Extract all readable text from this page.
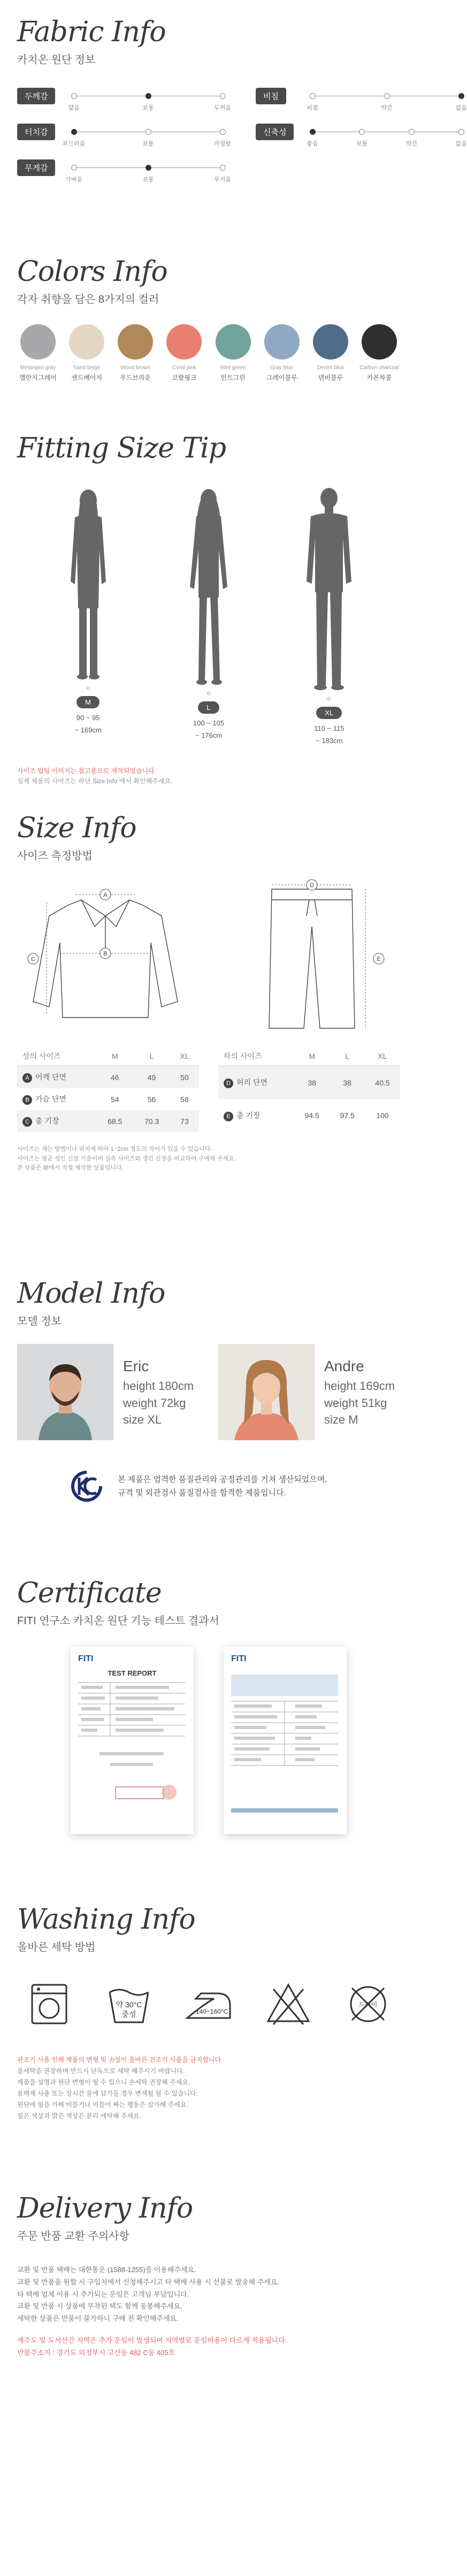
Fabric Info
카치온 원단 정보
두께감
얇음	보통	두꺼움
비침
비침	약간	없음
터치감
부드러움	보통	까칠함
신축성
좋음	보통	약간	없음
무게감
가벼움	보통	무거움
Colors Info
각자 취향을 담은 8가지의 컬러
Melangen gray
멜란지그레이
Sand beige
샌드베이지
Wood brown
우드브라운
Coral pink
코랄핑크
Mint green
민트그린
Gray blue
그레이블루
Denim blue
덴비블루
Carbon charcoal
카본차콜
Fitting Size Tip
M
90 ~ 95
~ 169cm
L
100 ~ 105
~ 176cm
XL
110 ~ 115
~ 183cm
사이즈 팁팅 이미지는 참고용으로 제작되었습니다.
실제 제품의 사이즈는 하단 Size Info 에서 확인해주세요.
Size Info
사이즈 측정방법
A
B
C
D
E
상의 사이즈	M	L	XL
A 어깨 단면	46	49	50
B 가슴 단면	54	56	58
C 총 기장	68.5	70.3	73
하의 사이즈	M	L	XL
D 허리 단면	38	38	40.5
E 총 기장	94.5	97.5	100
사이즈는 재는 방법이나 위치에 따라 1~2cm 정도의 차이가 있을 수 있습니다.
사이즈는 평균 성인 신장 기준이며 실측 사이즈와 생긴 신장을 비교하여 구매해 주세요.
본 상품은 IB에서 직접 제작한 상품입니다.
Model Info
모델 정보
Eric
height 180cm
weight 72kg
size XL
Andre
height 169cm
weight 51kg
size M
본 제품은 엄격한 품질관리와 공정관리를 거쳐 생산되었으며,
규격 및 외관검사 품질검사를 합격한 제품입니다.
Certificate
FITI 연구소 카치온 원단 기능 테스트 결과서
FITI
TEST REPORT
FITI
Washing Info
올바른 세탁 방법
약 30°C
중성	140~160°C
드라이
관조기 사용 인해 제품의 변형 및 손상이 올바른 건조기 사용을 금지합니다.
물세탁을 권장하며 반드시 단독으로 세탁 해주시기 바랍니다.
제품을 설명과 원단 변형이 될 수 있으니 손세탁 권장해 주세요.
표백제 사용 또는 장시간 물에 담가둘 경우 변색될 될 수 있습니다.
원단에 힘을 가해 비틀거나 비틀어 짜는 행동은 삼가해 주세요.
짙은 색상과 밝은 색상은 분리 세탁해 주세요.
Delivery Info
주문 반품 교환 주의사항
교환 및 반품 택배는 대한통운 (1588-1255)를 이용해주세요.
교환 및 반품을 원할 시 구입처에서 신청해주시고 타 택배 사용 시 선불로 발송해 주세요.
타 택배 업체 이용 시 추가되는 운임은 고객님 부담입니다.
교환 및 반품 시 상품에 부착된 택도 함께 동봉해주세요.
세탁한 상품은 반품이 불가하니 구매 전 확인해주세요.
제주도 및 도서산간 지역은 추가 운임이 발생되며 지역별로 운임비용이 다르게 적용됩니다.
반품주소지 : 경기도 의정부시 고산동 482 C동 405호
